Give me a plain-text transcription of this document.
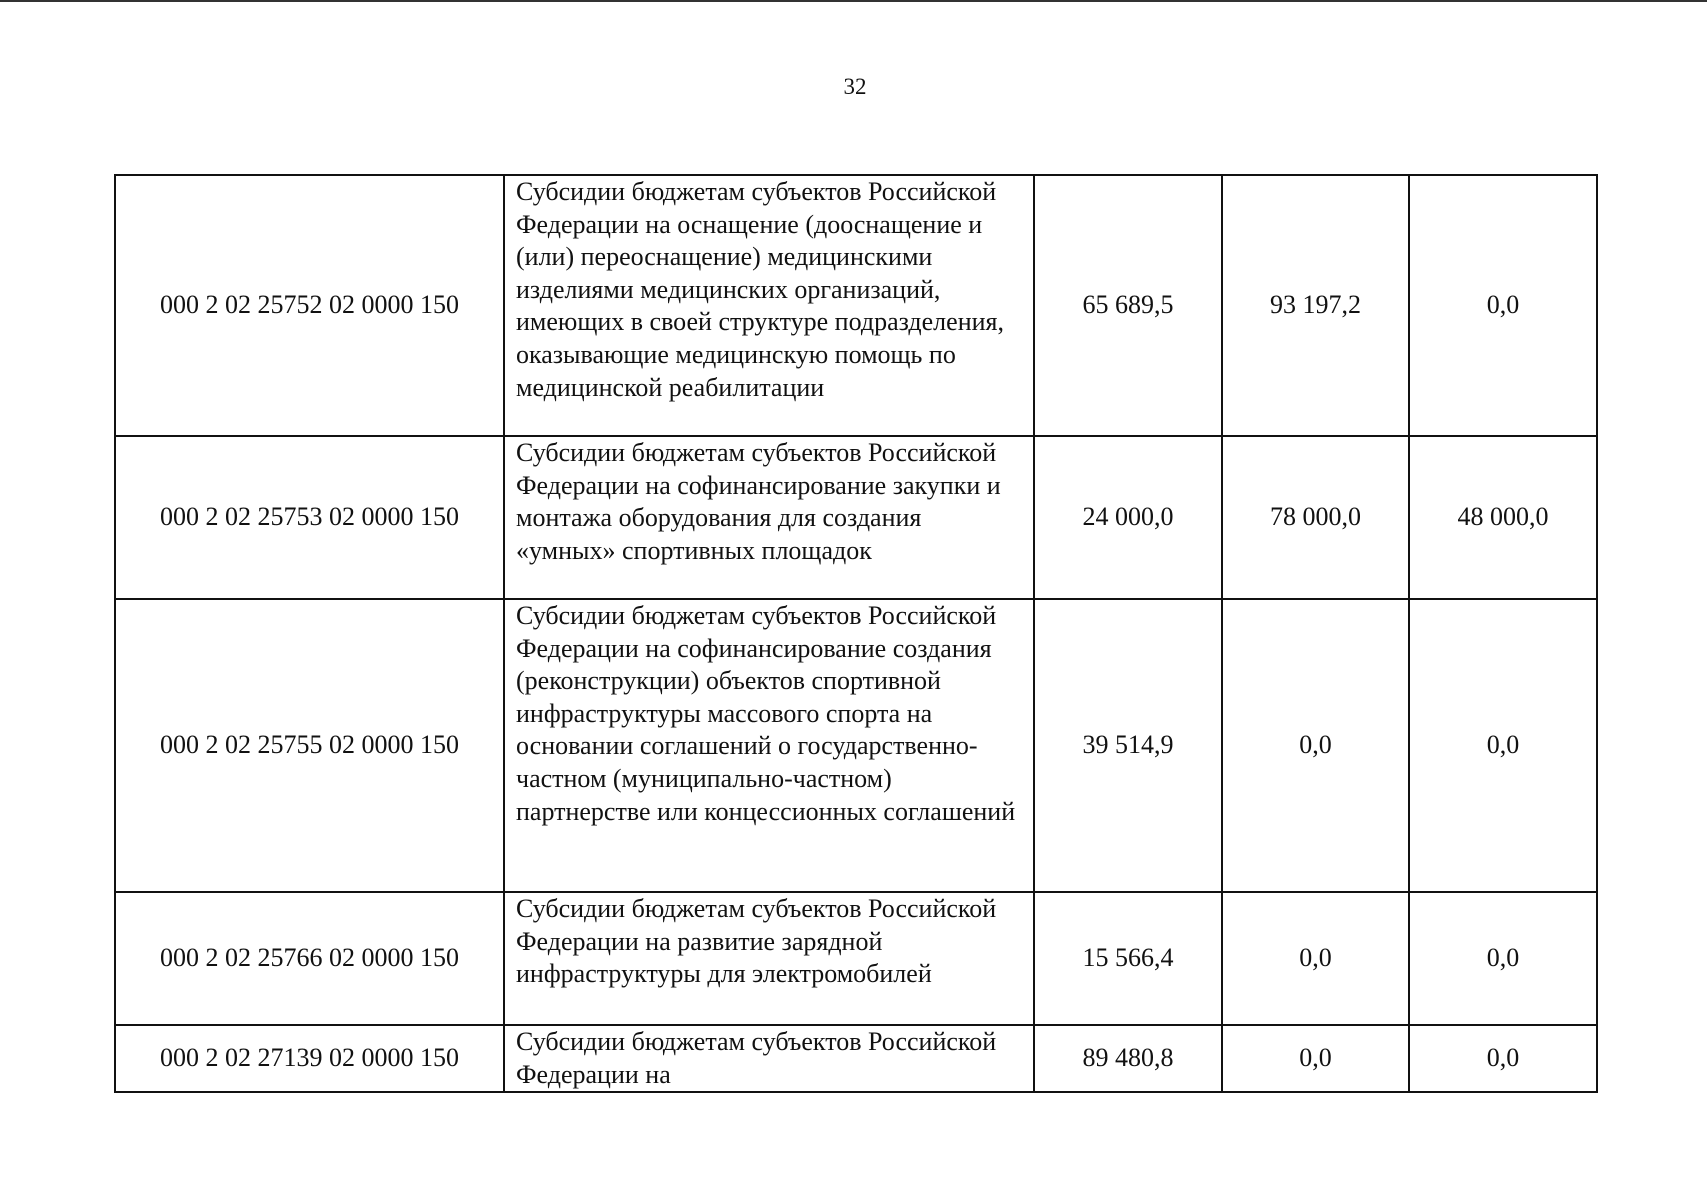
32
000 2 02 25752 02 0000 150	Субсидии бюджетам субъектов Российской Федерации на оснащение (дооснащение и (или) переоснащение) медицинскими изделиями медицинских организаций, имеющих в своей структуре подразделения, оказывающие медицинскую помощь по медицинской реабилитации	65 689,5	93 197,2	0,0
000 2 02 25753 02 0000 150	Субсидии бюджетам субъектов Российской Федерации на софинансирование закупки и монтажа оборудования для создания «умных» спортивных площадок	24 000,0	78 000,0	48 000,0
000 2 02 25755 02 0000 150	Субсидии бюджетам субъектов Российской Федерации на софинансирование создания (реконструкции) объектов спортивной инфраструктуры массового спорта на основании соглашений о государственно-частном (муниципально-частном) партнерстве или концессионных соглашений	39 514,9	0,0	0,0
000 2 02 25766 02 0000 150	Субсидии бюджетам субъектов Российской Федерации на развитие зарядной инфраструктуры для электромобилей	15 566,4	0,0	0,0
000 2 02 27139 02 0000 150	Субсидии бюджетам субъектов Российской Федерации на	89 480,8	0,0	0,0
